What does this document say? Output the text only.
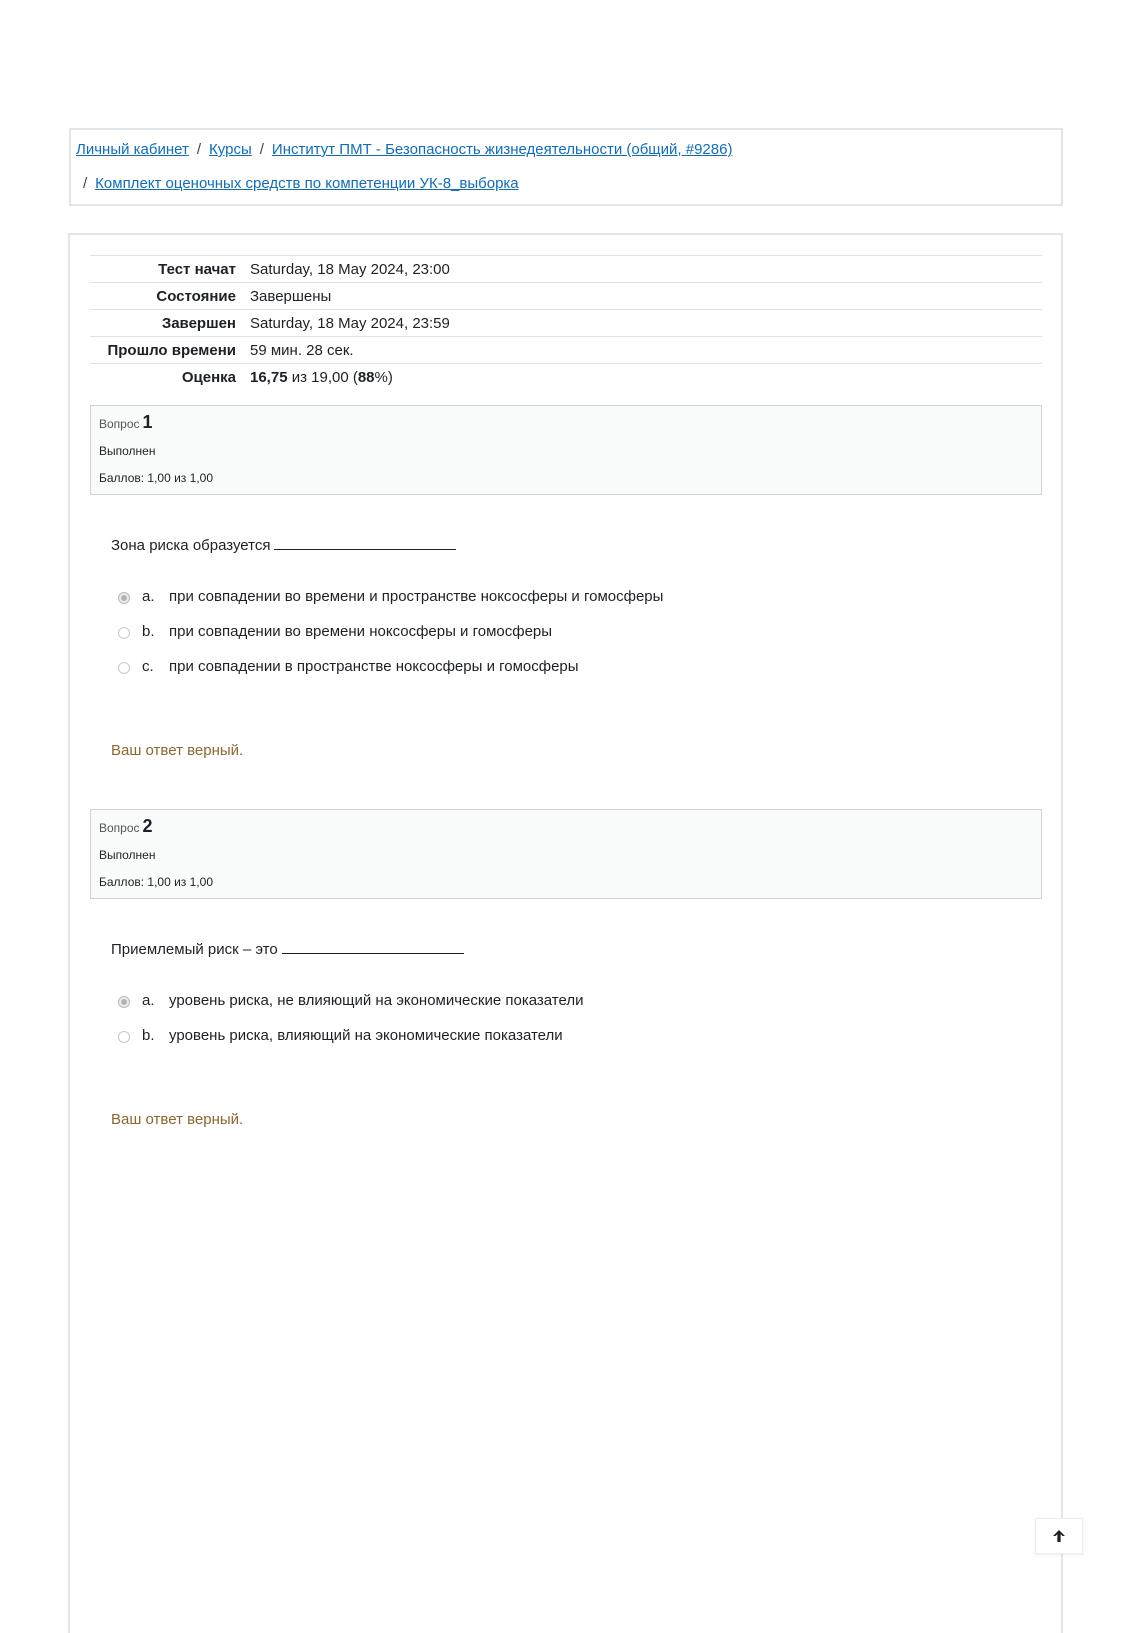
Личный кабинет / Курсы / Институт ПМТ - Безопасность жизнедеятельности (общий, #9286)
/ Комплект оценочных средств по компетенции УК-8_выборка
Тест начат	Saturday, 18 May 2024, 23:00
Состояние	Завершены
Завершен	Saturday, 18 May 2024, 23:59
Прошло времени	59 мин. 28 сек.
Оценка	16,75 из 19,00 (88%)
Вопрос 1
Выполнен
Баллов: 1,00 из 1,00
Зона риска образуется
a. при совпадении во времени и пространстве ноксосферы и гомосферы
b. при совпадении во времени ноксосферы и гомосферы
c. при совпадении в пространстве ноксосферы и гомосферы
Ваш ответ верный.
Вопрос 2
Выполнен
Баллов: 1,00 из 1,00
Приемлемый риск – это
a. уровень риска, не влияющий на экономические показатели
b. уровень риска, влияющий на экономические показатели
Ваш ответ верный.
